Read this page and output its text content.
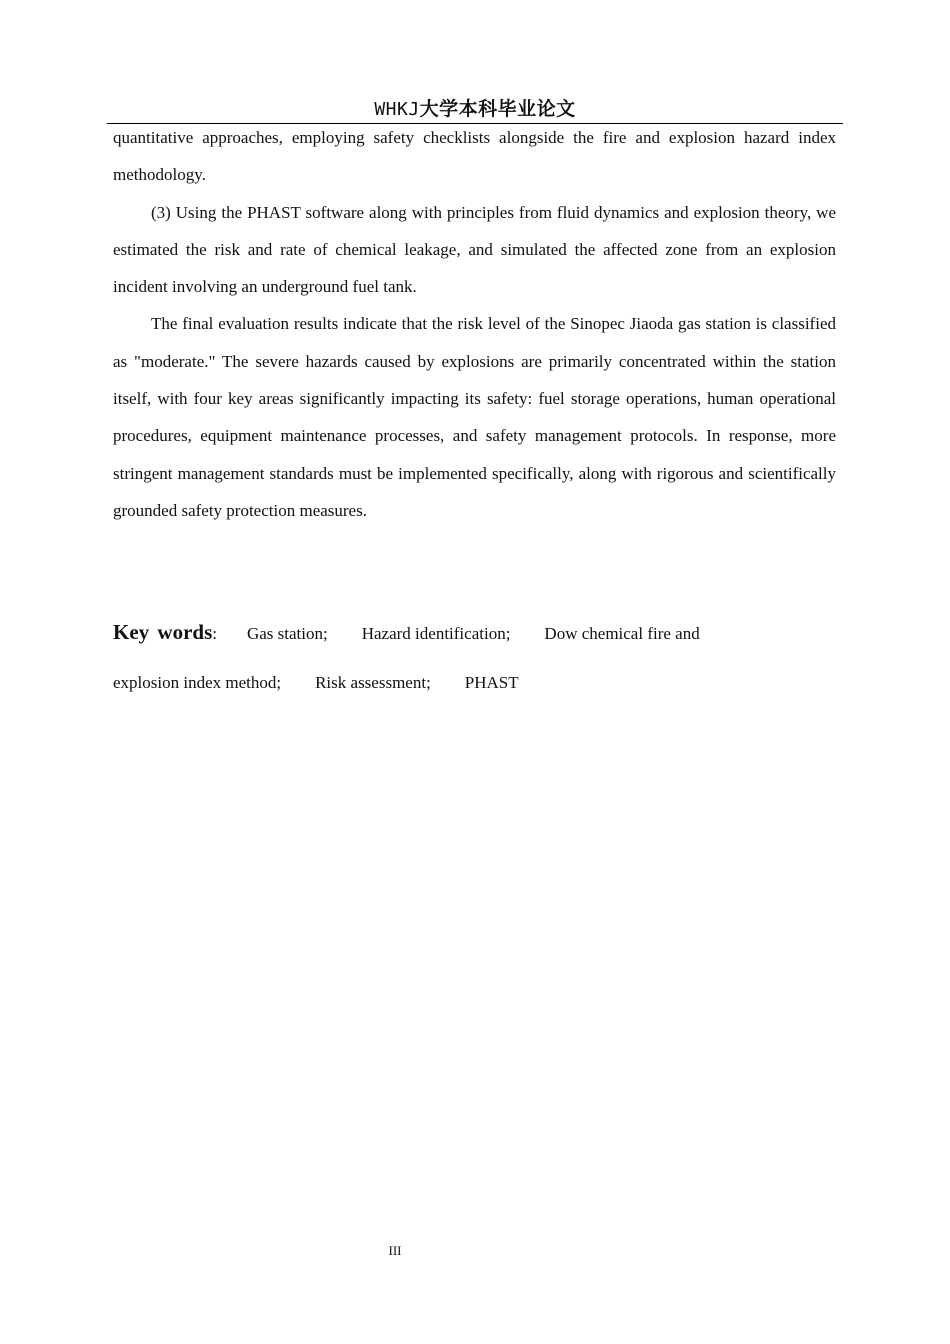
WHKJ大学本科毕业论文

quantitative approaches, employing safety checklists alongside the fire and explosion hazard index methodology.

(3) Using the PHAST software along with principles from fluid dynamics and explosion theory, we estimated the risk and rate of chemical leakage, and simulated the affected zone from an explosion incident involving an underground fuel tank.

The final evaluation results indicate that the risk level of the Sinopec Jiaoda gas station is classified as "moderate." The severe hazards caused by explosions are primarily concentrated within the station itself, with four key areas significantly impacting its safety: fuel storage operations, human operational procedures, equipment maintenance processes, and safety management protocols. In response, more stringent management standards must be implemented specifically, along with rigorous and scientifically grounded safety protection measures.

Key words: Gas station; Hazard identification; Dow chemical fire and
explosion index method; Risk assessment; PHAST
III
